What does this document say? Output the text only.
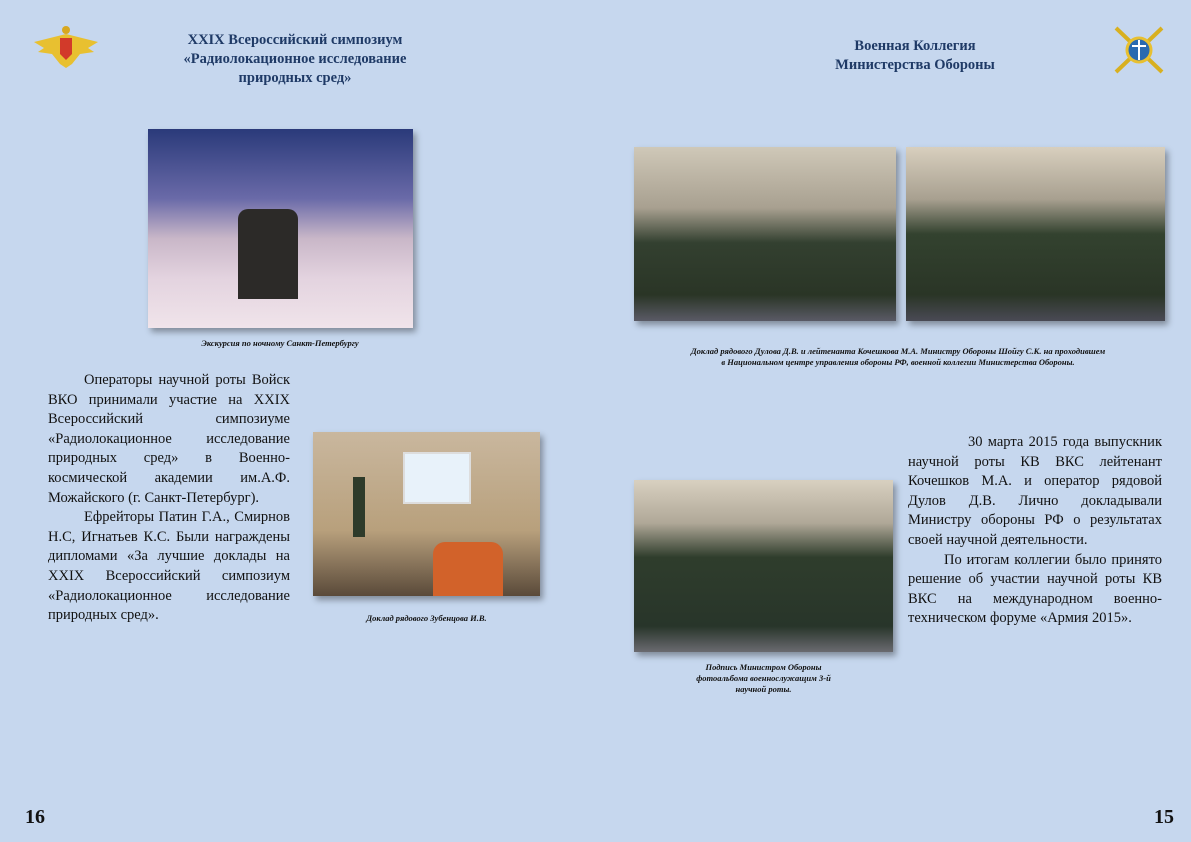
XXIX Всероссийский симпозиум
«Радиолокационное исследование
природных сред»
Экскурсия по ночному Санкт-Петербургу

Операторы научной роты Войск ВКО принимали участие на XXIX Всероссийский симпозиуме «Радиолокационное исследование природных сред» в Военно-космической академии им.А.Ф. Можайского (г. Санкт-Петербург).

Ефрейторы Патин Г.А., Смирнов Н.С, Игнатьев К.С. Были награждены дипломами «За лучшие доклады на XXIX Всероссийский симпозиум «Радиолокационное исследование природных сред».	Доклад рядового Зубенцова И.В.
16
Военная Коллегия
Министерства Обороны
Доклад рядового Дулова Д.В. и лейтенанта Кочешкова М.А. Министру Обороны Шойгу С.К. на проходившем
в Национальном центре управления обороны РФ, военной коллегии Министерства Обороны.
Подпись Министром Обороны
фотоальбома военнослужащим 3-й
научной роты.

30 марта 2015 года выпускник научной роты КВ ВКС лейтенант Кочешков М.А. и оператор рядовой Дулов Д.В. Лично докладывали Министру обороны РФ о результатах своей научной деятельности.

По итогам коллегии было принято решение об участии научной роты КВ ВКС на международном военно-техническом форуме «Армия 2015».

15
